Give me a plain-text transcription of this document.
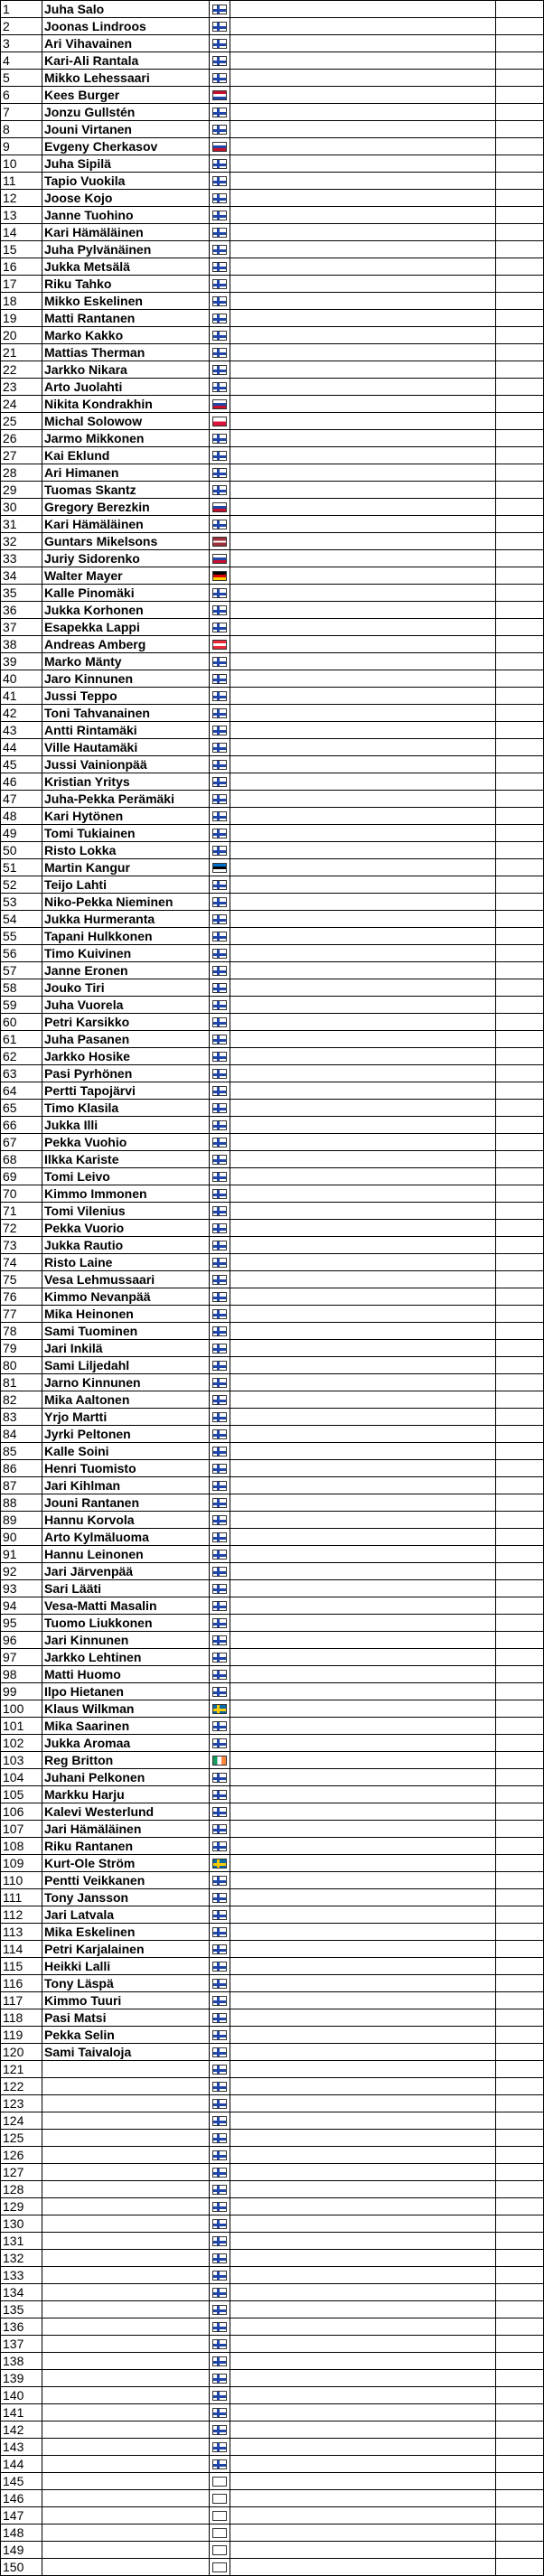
1	Juha Salo			
2	Joonas Lindroos			
3	Ari Vihavainen			
4	Kari-Ali Rantala			
5	Mikko Lehessaari			
6	Kees Burger			
7	Jonzu Gullstén			
8	Jouni Virtanen			
9	Evgeny Cherkasov			
10	Juha Sipilä			
11	Tapio Vuokila			
12	Joose Kojo			
13	Janne Tuohino			
14	Kari Hämäläinen			
15	Juha Pylvänäinen			
16	Jukka Metsälä			
17	Riku Tahko			
18	Mikko Eskelinen			
19	Matti Rantanen			
20	Marko Kakko			
21	Mattias Therman			
22	Jarkko Nikara			
23	Arto Juolahti			
24	Nikita Kondrakhin			
25	Michal Solowow			
26	Jarmo Mikkonen			
27	Kai Eklund			
28	Ari Himanen			
29	Tuomas Skantz			
30	Gregory Berezkin			
31	Kari Hämäläinen			
32	Guntars Mikelsons			
33	Juriy Sidorenko			
34	Walter Mayer			
35	Kalle Pinomäki			
36	Jukka Korhonen			
37	Esapekka Lappi			
38	Andreas Amberg			
39	Marko Mänty			
40	Jaro Kinnunen			
41	Jussi Teppo			
42	Toni Tahvanainen			
43	Antti Rintamäki			
44	Ville Hautamäki			
45	Jussi Vainionpää			
46	Kristian Yritys			
47	Juha-Pekka Perämäki			
48	Kari Hytönen			
49	Tomi Tukiainen			
50	Risto Lokka			
51	Martin Kangur			
52	Teijo Lahti			
53	Niko-Pekka Nieminen			
54	Jukka Hurmeranta			
55	Tapani Hulkkonen			
56	Timo Kuivinen			
57	Janne Eronen			
58	Jouko Tiri			
59	Juha Vuorela			
60	Petri Karsikko			
61	Juha Pasanen			
62	Jarkko Hosike			
63	Pasi Pyrhönen			
64	Pertti Tapojärvi			
65	Timo Klasila			
66	Jukka Illi			
67	Pekka Vuohio			
68	Ilkka Kariste			
69	Tomi Leivo			
70	Kimmo Immonen			
71	Tomi Vilenius			
72	Pekka Vuorio			
73	Jukka Rautio			
74	Risto Laine			
75	Vesa Lehmussaari			
76	Kimmo Nevanpää			
77	Mika Heinonen			
78	Sami Tuominen			
79	Jari Inkilä			
80	Sami Liljedahl			
81	Jarno Kinnunen			
82	Mika Aaltonen			
83	Yrjo Martti			
84	Jyrki Peltonen			
85	Kalle Soini			
86	Henri Tuomisto			
87	Jari Kihlman			
88	Jouni Rantanen			
89	Hannu Korvola			
90	Arto Kylmäluoma			
91	Hannu Leinonen			
92	Jari Järvenpää			
93	Sari Lääti			
94	Vesa-Matti Masalin			
95	Tuomo Liukkonen			
96	Jari Kinnunen			
97	Jarkko Lehtinen			
98	Matti Huomo			
99	Ilpo Hietanen			
100	Klaus Wilkman			
101	Mika Saarinen			
102	Jukka Aromaa			
103	Reg Britton			
104	Juhani Pelkonen			
105	Markku Harju			
106	Kalevi Westerlund			
107	Jari Hämäläinen			
108	Riku Rantanen			
109	Kurt-Ole Ström			
110	Pentti Veikkanen			
111	Tony Jansson			
112	Jari Latvala			
113	Mika Eskelinen			
114	Petri Karjalainen			
115	Heikki Lalli			
116	Tony Läspä			
117	Kimmo Tuuri			
118	Pasi Matsi			
119	Pekka Selin			
120	Sami Taivaloja			
121				
122				
123				
124				
125				
126				
127				
128				
129				
130				
131				
132				
133				
134				
135				
136				
137				
138				
139				
140				
141				
142				
143				
144				
145				
146				
147				
148				
149				
150				
